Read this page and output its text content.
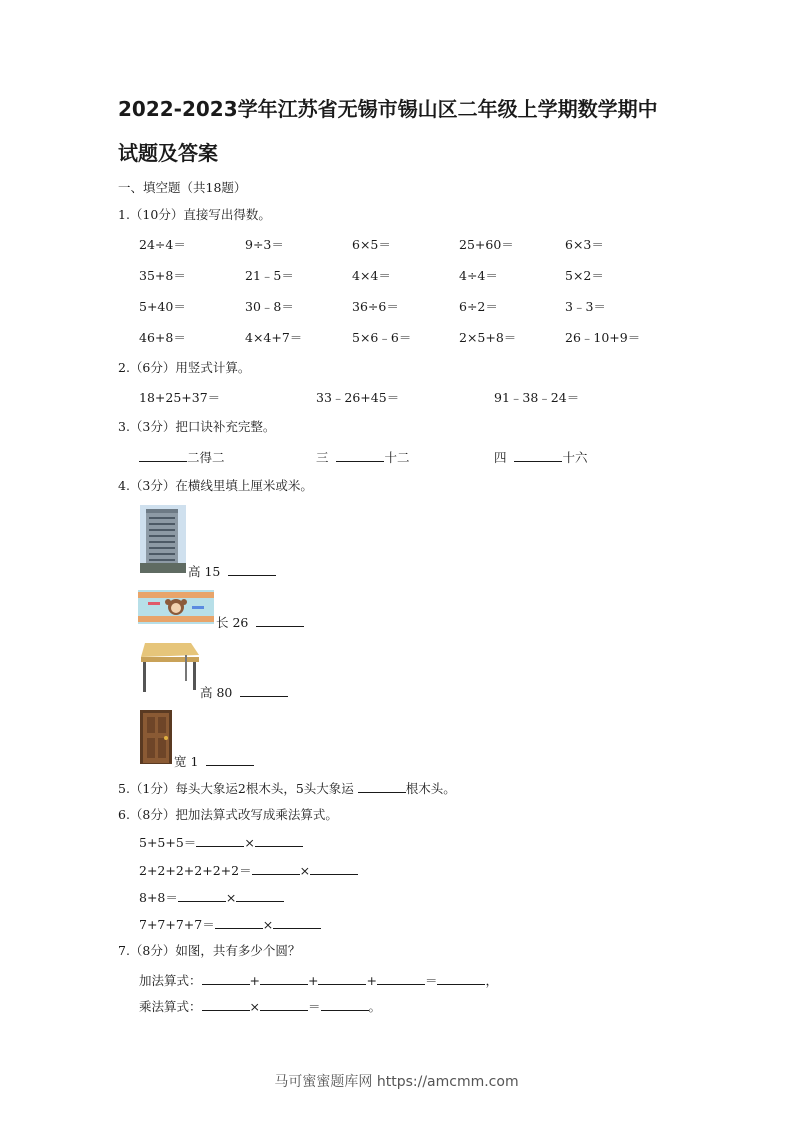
2022-2023学年江苏省无锡市锡山区二年级上学期数学期中
试题及答案
一、填空题（共18题）
1.（10分）直接写出得数。
24÷4＝	9÷3＝	6×5＝	25+60＝	6×3＝
35+8＝	21﹣5＝	4×4＝	4÷4＝	5×2＝
5+40＝	30﹣8＝	36÷6＝	6÷2＝	3﹣3＝
46+8＝	4×4+7＝	5×6﹣6＝	2×5+8＝	26﹣10+9＝
2.（6分）用竖式计算。
18+25+37＝	33﹣26+45＝	91﹣38﹣24＝
3.（3分）把口诀补充完整。
二得二	三	十二	四	十六
4.（3分）在横线里填上厘米或米。
高 15
长 26
高 80
宽 1
5.（1分）每头大象运2根木头，5头大象运	根木头。
6.（8分）把加法算式改写成乘法算式。
5+5+5＝	×
2+2+2+2+2+2＝	×
8+8＝	×
7+7+7+7＝	×
7.（8分）如图，共有多少个圆？
加法算式：	+	+	+	＝	，
乘法算式：	×	＝	。
马可蜜蜜题库网 https://amcmm.com
